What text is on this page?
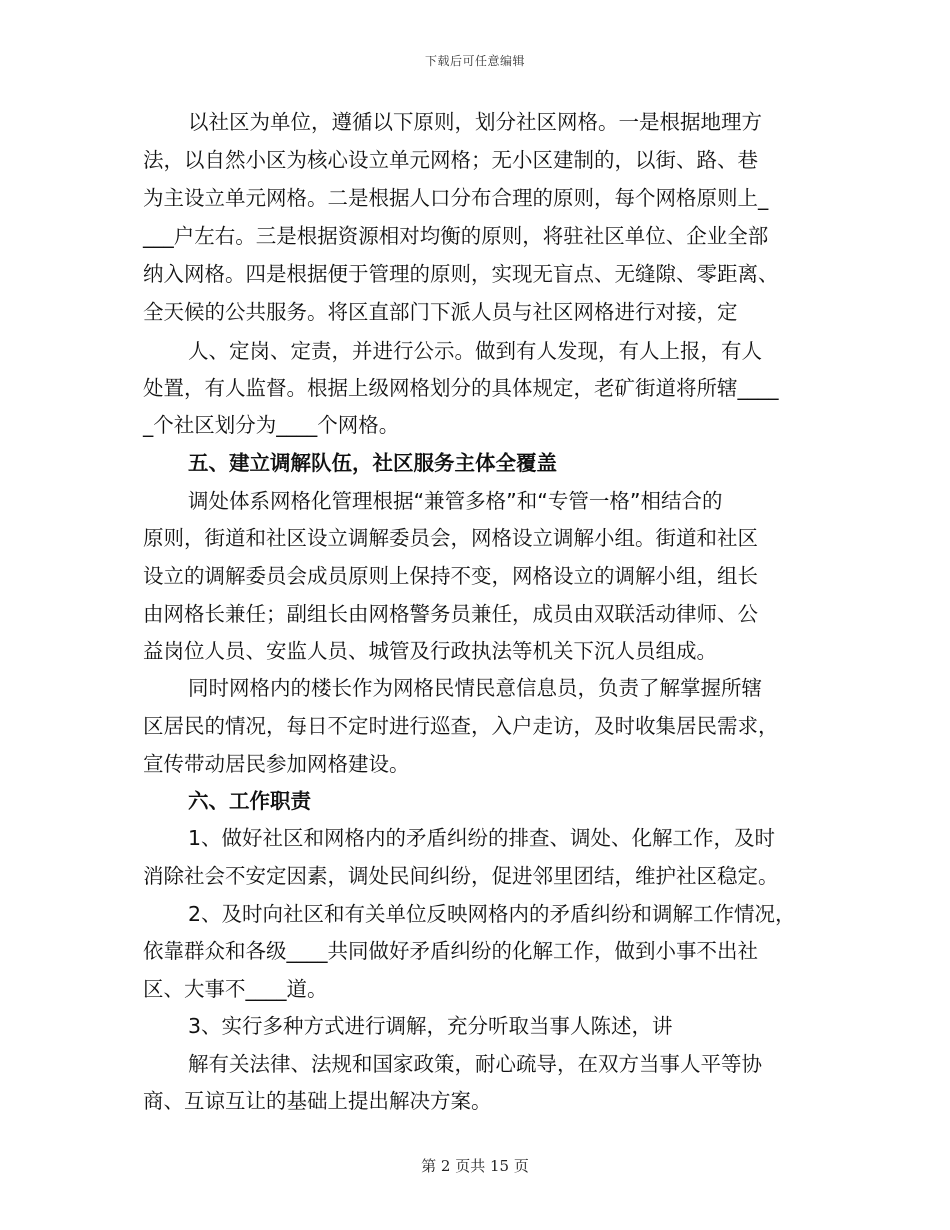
下载后可任意编辑
以社区为单位，遵循以下原则，划分社区网格。一是根据地理方
法，以自然小区为核心设立单元网格；无小区建制的，以街、路、巷
为主设立单元网格。二是根据人口分布合理的原则，每个网格原则上_
___户左右。三是根据资源相对均衡的原则，将驻社区单位、企业全部
纳入网格。四是根据便于管理的原则，实现无盲点、无缝隙、零距离、
全天候的公共服务。将区直部门下派人员与社区网格进行对接，定
人、定岗、定责，并进行公示。做到有人发现，有人上报，有人
处置，有人监督。根据上级网格划分的具体规定，老矿街道将所辖____
_个社区划分为____个网格。
五、建立调解队伍，社区服务主体全覆盖
调处体系网格化管理根据“兼管多格”和“专管一格”相结合的
原则，街道和社区设立调解委员会，网格设立调解小组。街道和社区
设立的调解委员会成员原则上保持不变，网格设立的调解小组，组长
由网格长兼任；副组长由网格警务员兼任，成员由双联活动律师、公
益岗位人员、安监人员、城管及行政执法等机关下沉人员组成。
同时网格内的楼长作为网格民情民意信息员，负责了解掌握所辖
区居民的情况，每日不定时进行巡查，入户走访，及时收集居民需求，
宣传带动居民参加网格建设。
六、工作职责
1、做好社区和网格内的矛盾纠纷的排查、调处、化解工作，及时
消除社会不安定因素，调处民间纠纷，促进邻里团结，维护社区稳定。
2、及时向社区和有关单位反映网格内的矛盾纠纷和调解工作情况，
依靠群众和各级____共同做好矛盾纠纷的化解工作，做到小事不出社
区、大事不____道。
3、实行多种方式进行调解，充分听取当事人陈述，讲
解有关法律、法规和国家政策，耐心疏导，在双方当事人平等协
商、互谅互让的基础上提出解决方案。
第 2 页共 15 页
